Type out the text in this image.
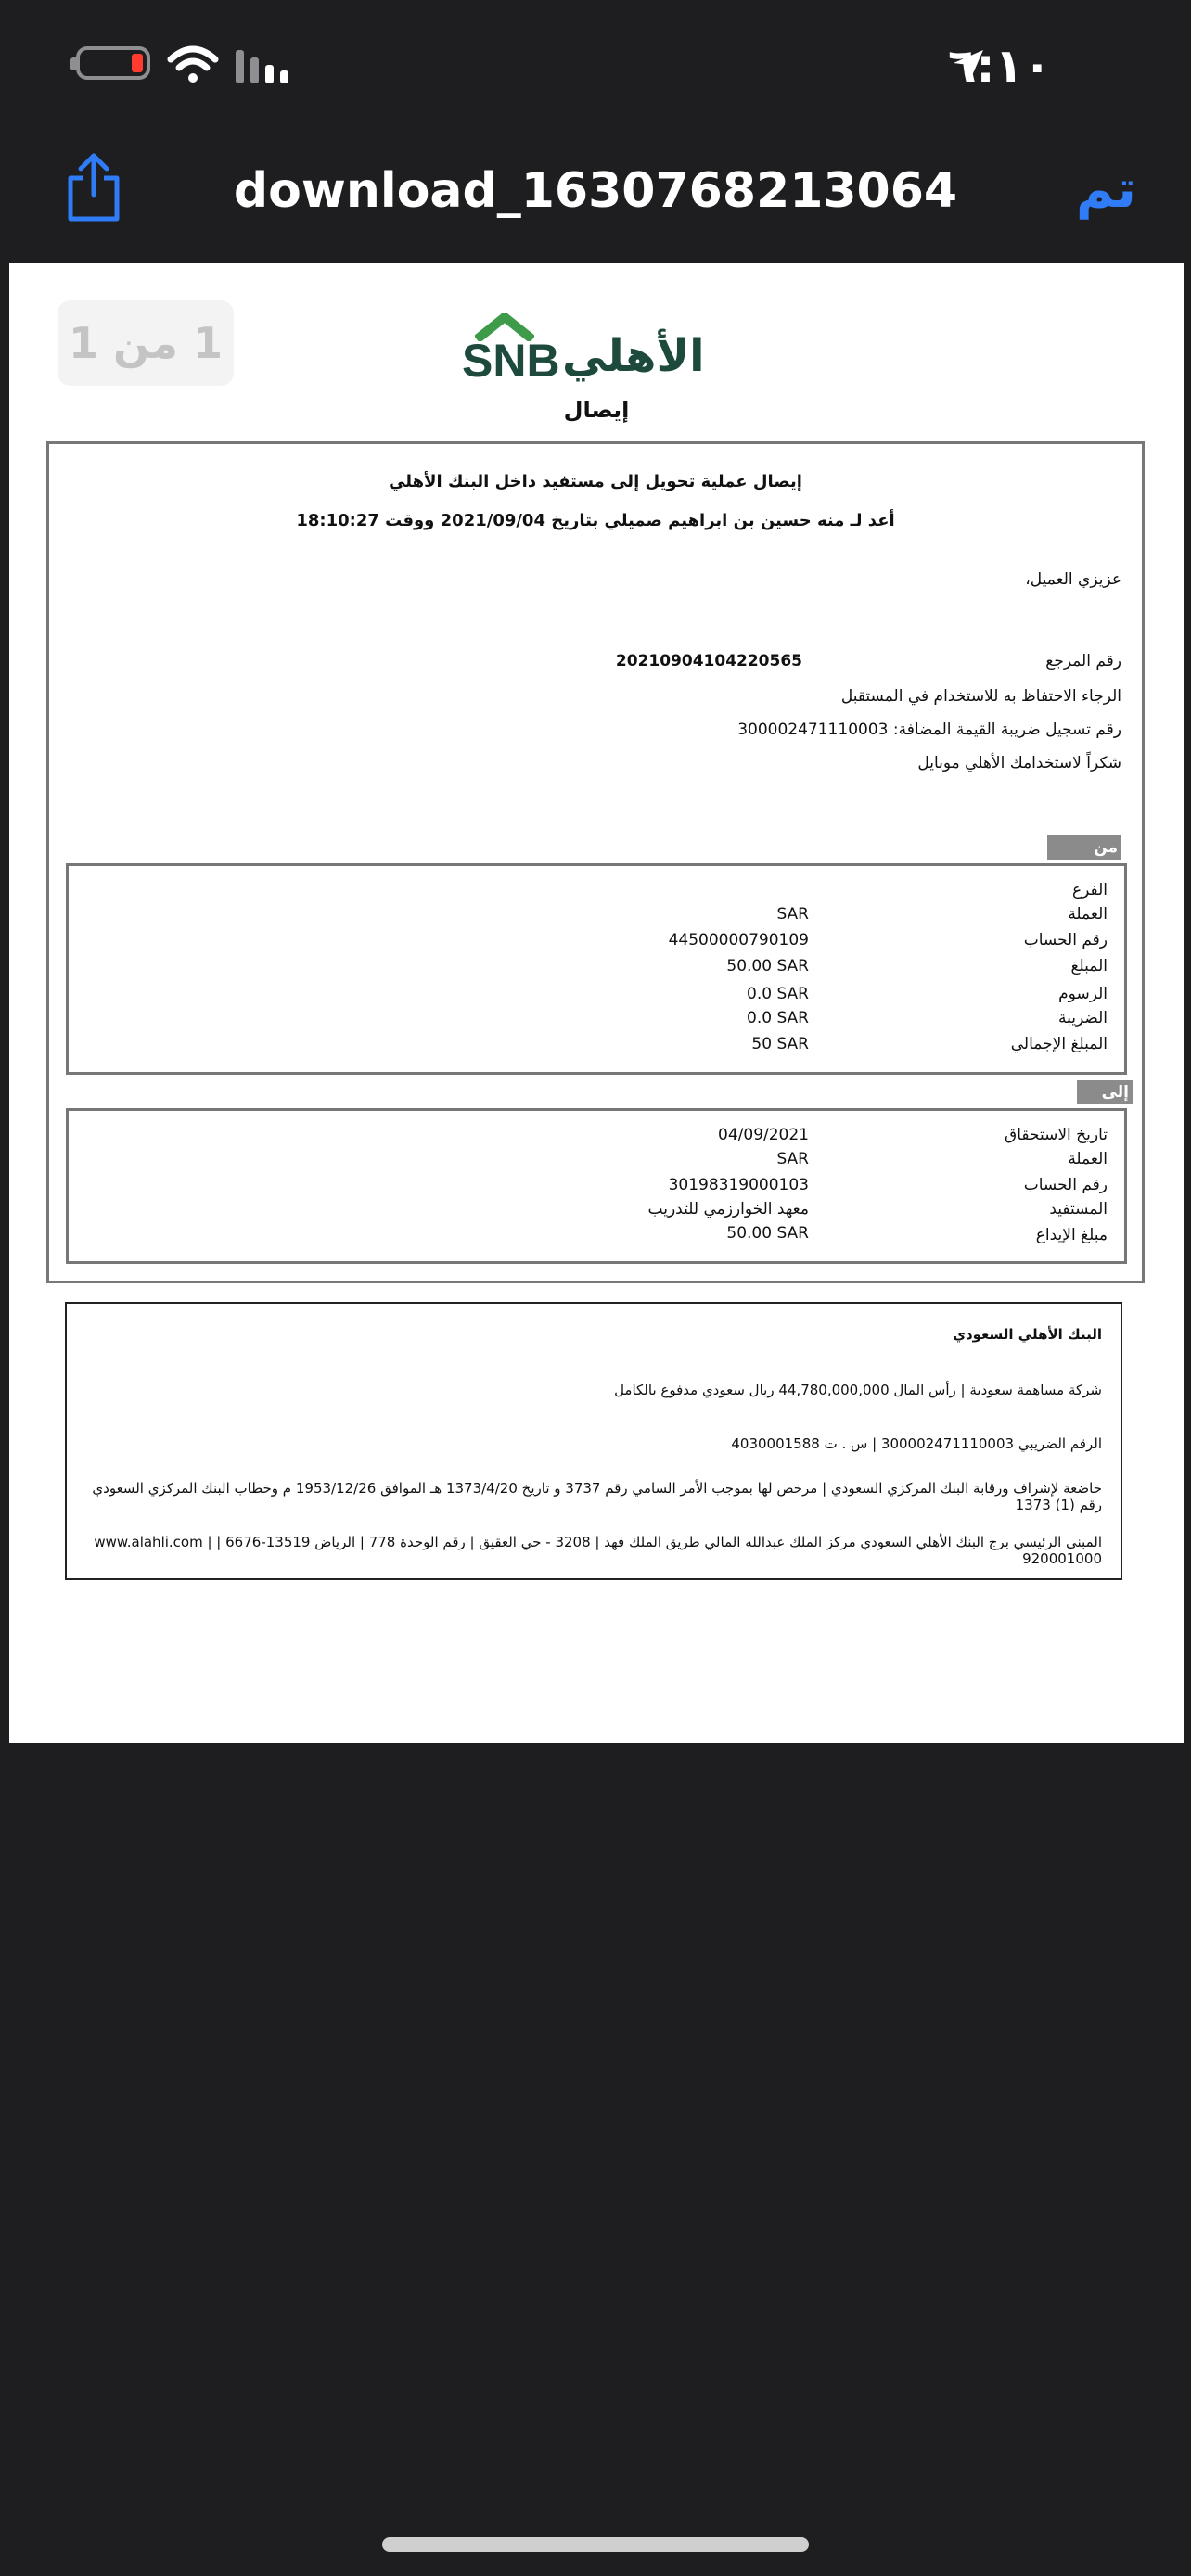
٦:١٠
download_1630768213064	تم
1 من 1	SNB الأهلي
إيصال
إيصال عملية تحويل إلى مستفيد داخل البنك الأهلي
أعد لـ منه حسين بن ابراهيم صميلي بتاريخ 2021/09/04 ووقت 18:10:27
عزيزي العميل،
رقم المرجع
20210904104220565
الرجاء الاحتفاظ به للاستخدام في المستقبل
رقم تسجيل ضريبة القيمة المضافة: 300002471110003
شكراً لاستخدامك الأهلي موبايل
من
الفرع
العملة
SAR
رقم الحساب
44500000790109
المبلغ
50.00 SAR
الرسوم
0.0 SAR
الضريبة
0.0 SAR
المبلغ الإجمالي
50 SAR
إلى
تاريخ الاستحقاق
04/09/2021
العملة
SAR
رقم الحساب
30198319000103
المستفيد
معهد الخوارزمي للتدريب
مبلغ الإيداع
50.00 SAR
البنك الأهلي السعودي
شركة مساهمة سعودية | رأس المال 44,780,000,000 ريال سعودي مدفوع بالكامل
الرقم الضريبي 300002471110003 | س . ت 4030001588
خاضعة لإشراف ورقابة البنك المركزي السعودي | مرخص لها بموجب الأمر السامي رقم 3737 و تاريخ 1373/4/20 هـ الموافق 1953/12/26 م وخطاب البنك المركزي السعودي رقم (1) 1373
المبنى الرئيسي برج البنك الأهلي السعودي مركز الملك عبدالله المالي طريق الملك فهد | 3208 - حي العقيق | رقم الوحدة 778 | الرياض 13519-6676 | www.alahli.com | 920001000
